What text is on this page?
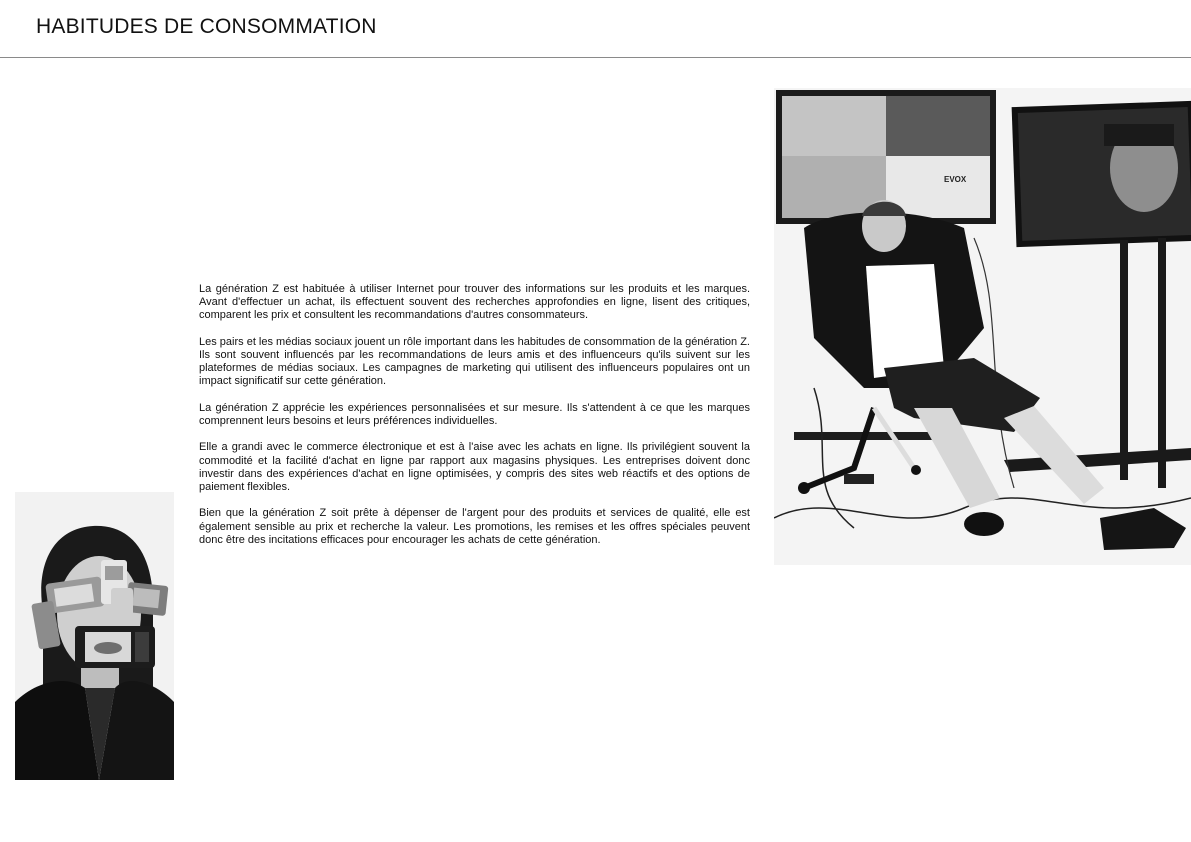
HABITUDES DE CONSOMMATION

La génération Z est habituée à utiliser Internet pour trouver des informations sur les produits et les marques. Avant d'effectuer un achat, ils effectuent souvent des recherches approfondies en ligne, lisent des critiques, comparent les prix et consultent les recommandations d'autres consommateurs.

Les pairs et les médias sociaux jouent un rôle important dans les habitudes de consommation de la génération Z. Ils sont souvent influencés par les recommandations de leurs amis et des influenceurs qu'ils suivent sur les plateformes de médias sociaux. Les campagnes de marketing qui utilisent des influenceurs populaires ont un impact significatif sur cette génération.

La génération Z apprécie les expériences personnalisées et sur mesure. Ils s'attendent à ce que les marques comprennent leurs besoins et leurs préférences individuelles.

Elle a grandi avec le commerce électronique et est à l'aise avec les achats en ligne. Ils privilégient souvent la commodité et la facilité d'achat en ligne par rapport aux magasins physiques. Les entreprises doivent donc investir dans des expériences d'achat en ligne optimisées, y compris des sites web réactifs et des options de paiement flexibles.

Bien que la génération Z soit prête à dépenser de l'argent pour des produits et services de qualité, elle est également sensible au prix et recherche la valeur. Les promotions, les remises et les offres spéciales peuvent donc être des incitations efficaces pour encourager les achats de cette génération.

EVOX
